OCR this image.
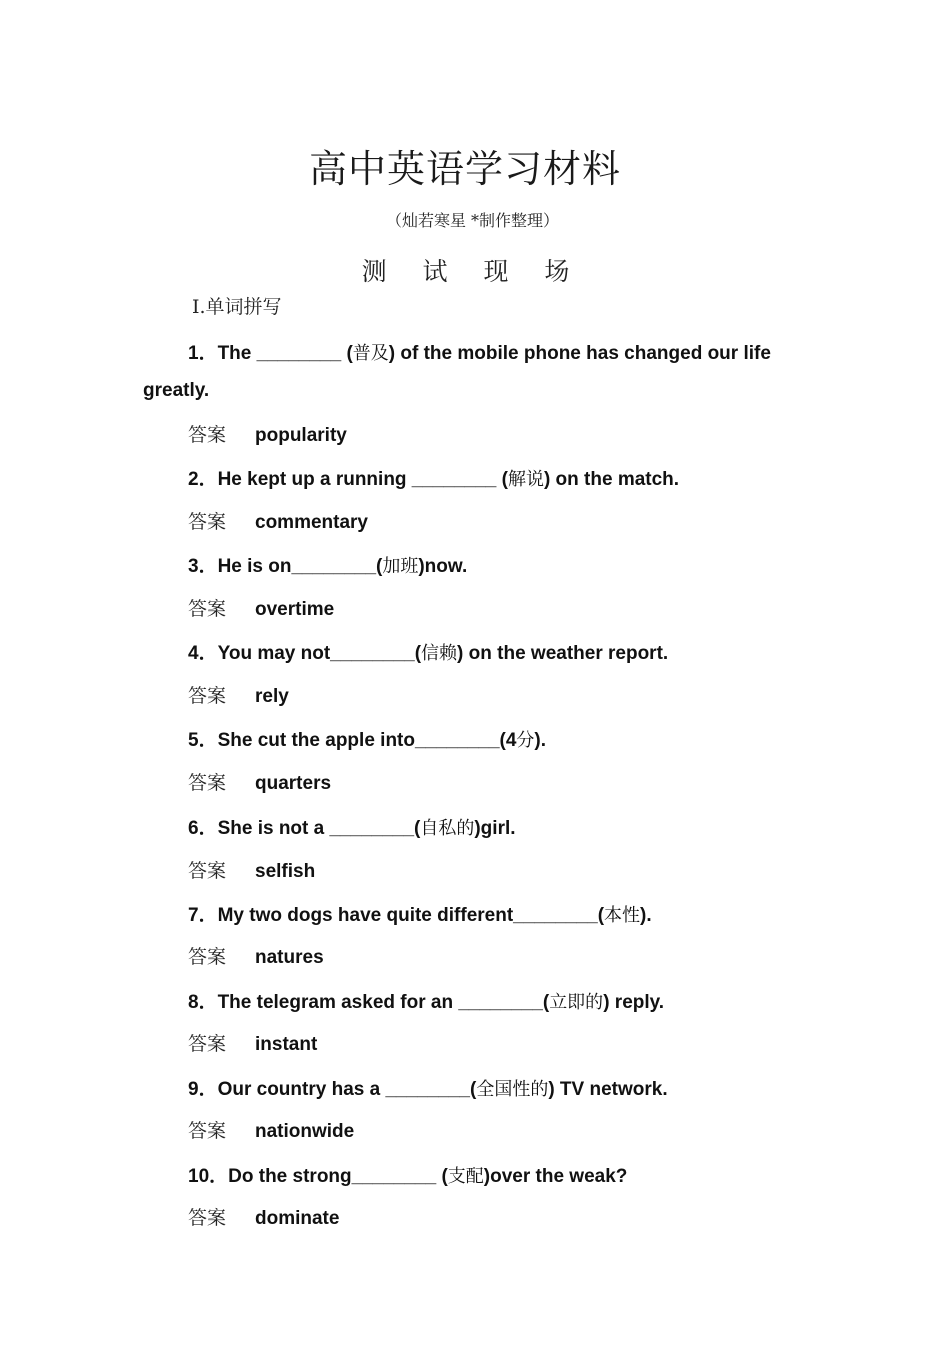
高中英语学习材料
（灿若寒星 *制作整理）
测 试 现 场
Ⅰ.单词拼写
1．The ________ (普及) of the mobile phone has changed our life
greatly.
答案 popularity
2．He kept up a running ________ (解说) on the match.
答案 commentary
3．He is on________(加班)now.
答案 overtime
4．You may not________(信赖) on the weather report.
答案 rely
5．She cut the apple into________(4分).
答案 quarters
6．She is not a ________(自私的)girl.
答案 selfish
7．My two dogs have quite different________(本性).
答案 natures
8．The telegram asked for an ________(立即的) reply.
答案 instant
9．Our country has a ________(全国性的) TV network.
答案 nationwide
10．Do the strong________ (支配)over the weak?
答案 dominate
